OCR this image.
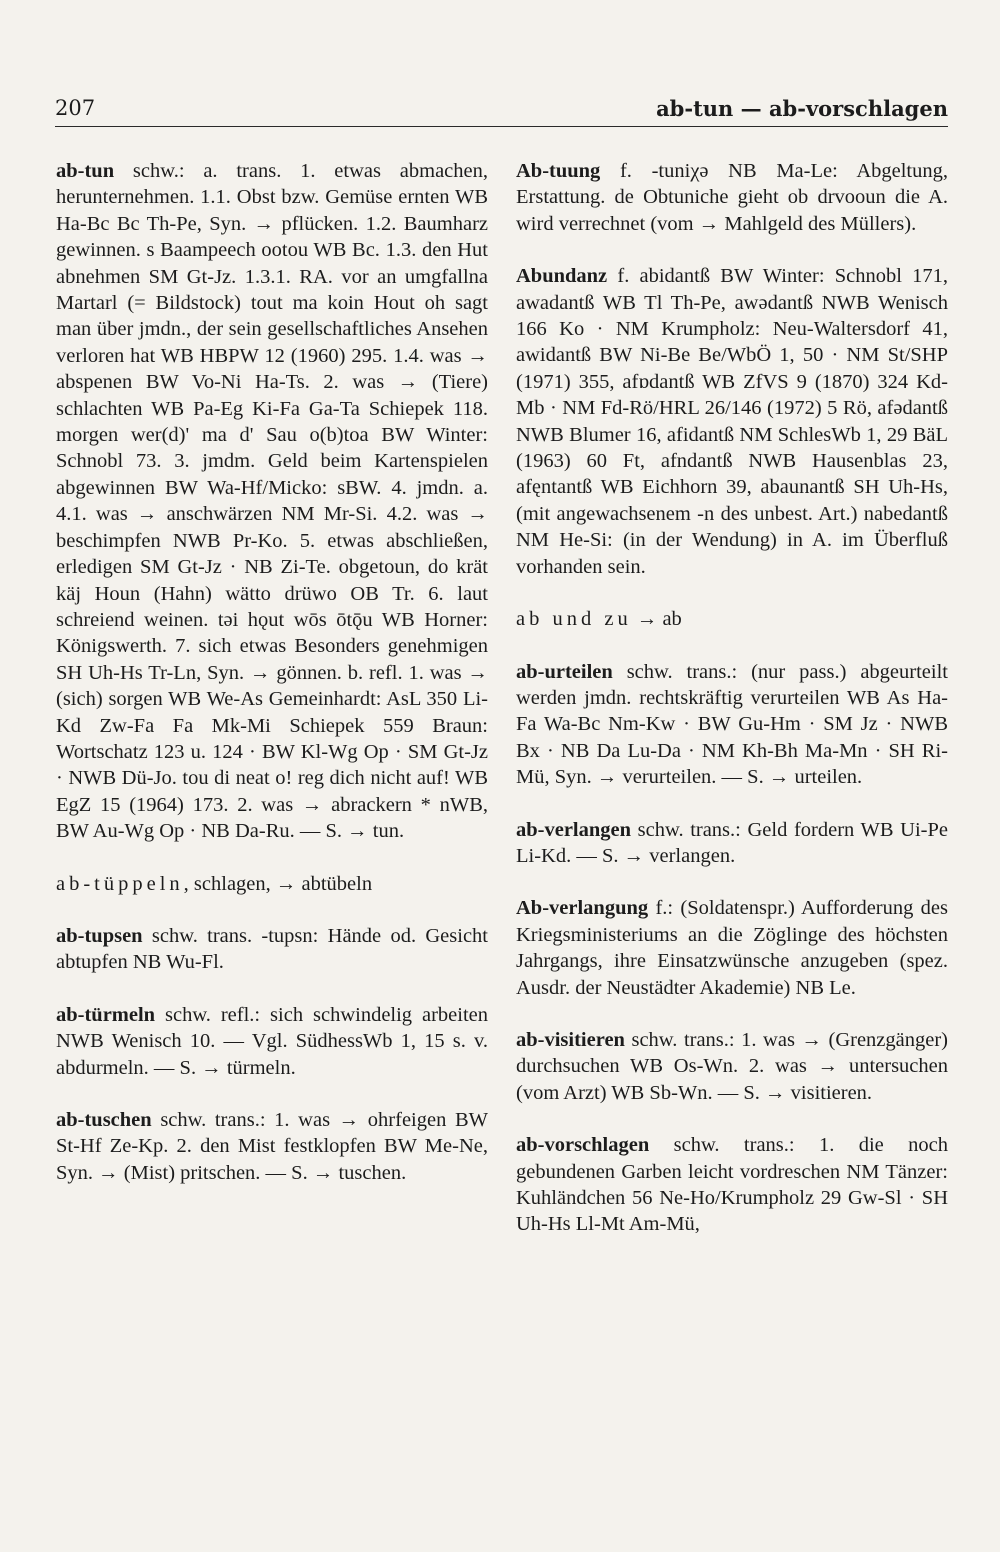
207	ab-tun — ab-vorschlagen

ab-tun schw.: a. trans. 1. etwas abmachen, herunternehmen. 1.1. Obst bzw. Gemüse ernten WB Ha-Bc Bc Th-Pe, Syn. → pflücken. 1.2. Baumharz gewinnen. s Baampeech ootou WB Bc. 1.3. den Hut abnehmen SM Gt-Jz. 1.3.1. RA. vor an umgfallna Martarl (= Bildstock) tout ma koin Hout oh sagt man über jmdn., der sein gesellschaftliches Ansehen verloren hat WB HBPW 12 (1960) 295. 1.4. was → abspenen BW Vo-Ni Ha-Ts. 2. was → (Tiere) schlachten WB Pa-Eg Ki-Fa Ga-Ta Schiepek 118. morgen wer(d)' ma d' Sau o(b)toa BW Winter: Schnobl 73. 3. jmdm. Geld beim Kartenspielen abgewinnen BW Wa-Hf/Micko: sBW. 4. jmdn. a. 4.1. was → anschwärzen NM Mr-Si. 4.2. was → beschimpfen NWB Pr-Ko. 5. etwas abschließen, erledigen SM Gt-Jz · NB Zi-Te. obgetoun, do krät käj Houn (Hahn) wätto drüwo OB Tr. 6. laut schreiend weinen. təi hǫut wōs ōtǭu WB Horner: Königswerth. 7. sich etwas Besonders genehmigen SH Uh-Hs Tr-Ln, Syn. → gönnen. b. refl. 1. was → (sich) sorgen WB We-As Gemeinhardt: AsL 350 Li-Kd Zw-Fa Fa Mk-Mi Schiepek 559 Braun: Wortschatz 123 u. 124 · BW Kl-Wg Op · SM Gt-Jz · NWB Dü-Jo. tou di neat o! reg dich nicht auf! WB EgZ 15 (1964) 173. 2. was → abrackern * nWB, BW Au-Wg Op · NB Da-Ru. — S. → tun.

ab-tüppeln, schlagen, → abtübeln

ab-tupsen schw. trans. -tupsn: Hände od. Gesicht abtupfen NB Wu-Fl.

ab-türmeln schw. refl.: sich schwindelig arbeiten NWB Wenisch 10. — Vgl. SüdhessWb 1, 15 s. v. abdurmeln. — S. → türmeln.

ab-tuschen schw. trans.: 1. was → ohrfeigen BW St-Hf Ze-Kp. 2. den Mist festklopfen BW Me-Ne, Syn. → (Mist) pritschen. — S. → tuschen.

Ab-tuung f. -tuniχə NB Ma-Le: Abgeltung, Erstattung. de Obtuniche gieht ob drvooun die A. wird verrechnet (vom → Mahlgeld des Müllers).

Abundanz f. abidantß BW Winter: Schnobl 171, awadantß WB Tl Th-Pe, awədantß NWB Wenisch 166 Ko · NM Krumpholz: Neu-Waltersdorf 41, awidantß BW Ni-Be Be/WbÖ 1, 50 · NM St/SHP (1971) 355, afɒdantß WB ZfVS 9 (1870) 324 Kd-Mb · NM Fd-Rö/HRL 26/146 (1972) 5 Rö, afədantß NWB Blumer 16, afidantß NM SchlesWb 1, 29 BäL (1963) 60 Ft, afndantß NWB Hausenblas 23, afęntantß WB Eichhorn 39, abaunantß SH Uh-Hs, (mit angewachsenem -n des unbest. Art.) nabedantß NM He-Si: (in der Wendung) in A. im Überfluß vorhanden sein.

ab und zu → ab

ab-urteilen schw. trans.: (nur pass.) abgeurteilt werden jmdn. rechtskräftig verurteilen WB As Ha-Fa Wa-Bc Nm-Kw · BW Gu-Hm · SM Jz · NWB Bx · NB Da Lu-Da · NM Kh-Bh Ma-Mn · SH Ri-Mü, Syn. → verurteilen. — S. → urteilen.

ab-verlangen schw. trans.: Geld fordern WB Ui-Pe Li-Kd. — S. → verlangen.

Ab-verlangung f.: (Soldatenspr.) Aufforderung des Kriegsministeriums an die Zöglinge des höchsten Jahrgangs, ihre Einsatzwünsche anzugeben (spez. Ausdr. der Neustädter Akademie) NB Le.

ab-visitieren schw. trans.: 1. was → (Grenzgänger) durchsuchen WB Os-Wn. 2. was → untersuchen (vom Arzt) WB Sb-Wn. — S. → visitieren.

ab-vorschlagen schw. trans.: 1. die noch gebundenen Garben leicht vordreschen NM Tänzer: Kuhländchen 56 Ne-Ho/Krumpholz 29 Gw-Sl · SH Uh-Hs Ll-Mt Am-Mü,
